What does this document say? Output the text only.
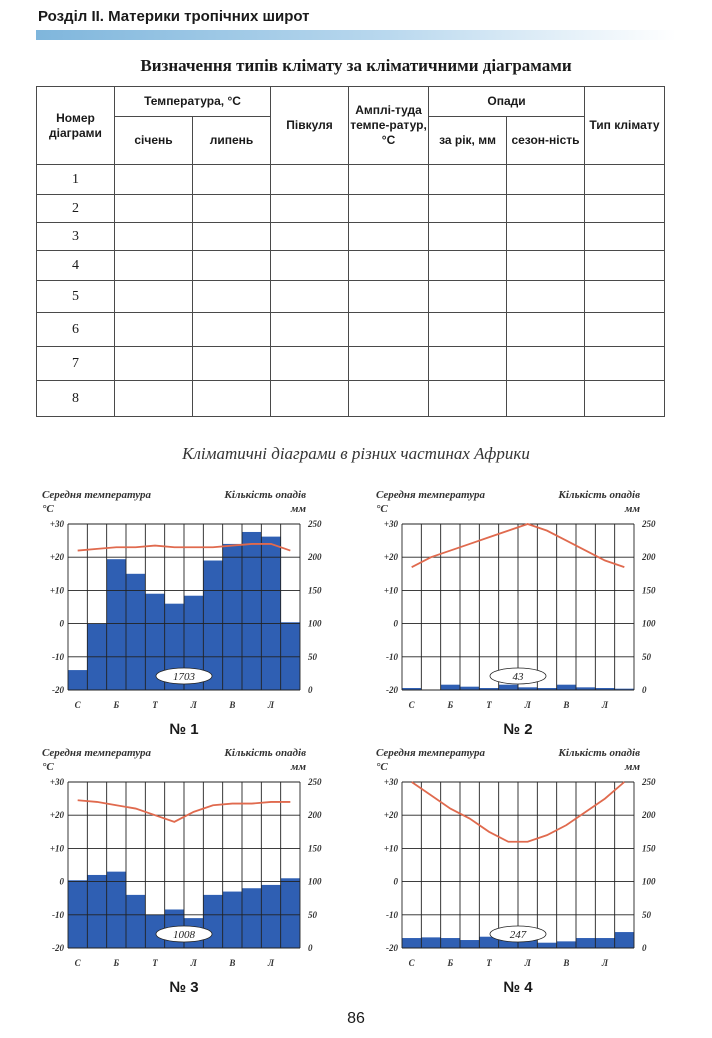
Розділ ІІ. Материки тропічних широт
Визначення типів клімату за кліматичними діаграмами
Номер діаграми	Температура, °С		Півкуля	Амплі-туда темпе-ратур, °С	Опади		Тип клімату
	січень	липень			за рік, мм	сезон-ність	
1							
2							
3							
4							
5							
6							
7							
8							
Кліматичні діаграми в різних частинах Африки
Середня температура
°С
Кількість опадів
мм
+30
+20
+10
0
-10
-20
250
200
150
100
50
0
С	Б	Т	Л	В	Л
1703
№ 1
Середня температура
°С
Кількість опадів
мм
+30
+20
+10
0
-10
-20
250
200
150
100
50
0
С	Б	Т	Л	В	Л
43
№ 2
Середня температура
°С
Кількість опадів
мм
+30
+20
+10
0
-10
-20
250
200
150
100
50
0
С	Б	Т	Л	В	Л
1008
№ 3
Середня температура
°С
Кількість опадів
мм
+30
+20
+10
0
-10
-20
250
200
150
100
50
0
С	Б	Т	Л	В	Л
247
№ 4
86
